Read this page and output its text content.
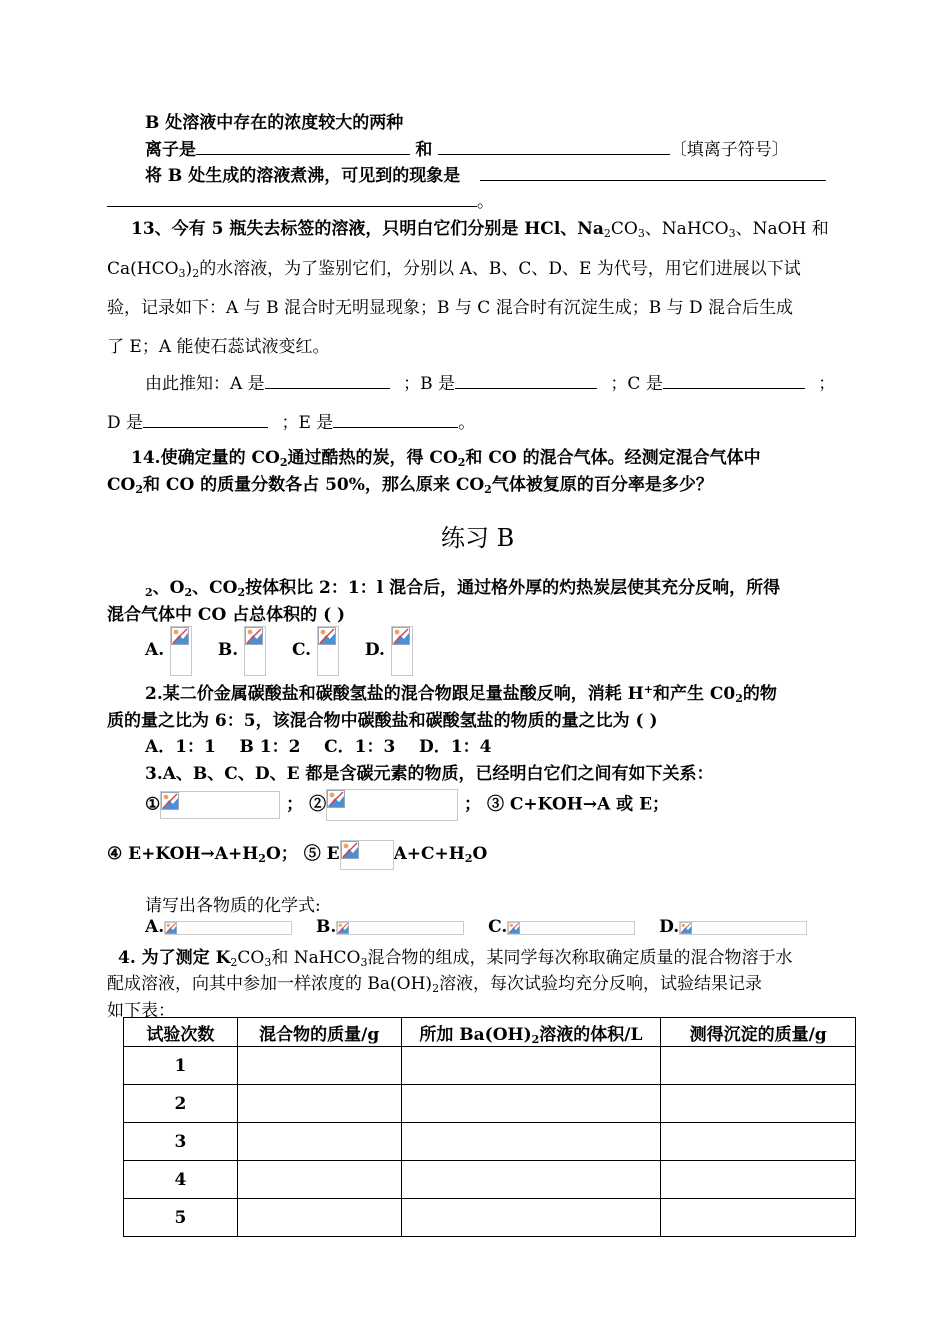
B 处溶液中存在的浓度较大的两种
离子是	和	〔填离子符号〕
将 B 处生成的溶液煮沸，可见到的现象是
。
13、今有 5 瓶失去标签的溶液，只明白它们分别是 HCl、$Na_2CO_3$、NaHCO$_3$、NaOH 和
$Ca(HCO_3)_2$的水溶液，为了鉴别它们，分别以 A、B、C、D、E 为代号，用它们进展以下试
验，记录如下：A 与 B 混合时无明显现象；B 与 C 混合时有沉淀生成；B 与 D 混合后生成
了 E；A 能使石蕊试液变红。
由此推知：A 是	；B 是	；C 是	；
D 是	；E 是	。
14.使确定量的 $CO_2$通过酷热的炭，得 $CO_2$和 CO 的混合气体。经测定混合气体中
$CO_2$和 CO 的质量分数各占 50%，那么原来 $CO_2$气体被复原的百分率是多少？
练习 B
$_2$、$O_2$、$CO_2$按体积比 2：1：l 混合后，通过格外厚的灼热炭层使其充分反响，所得
混合气体中 CO 占总体积的 ( )
A.	B.	C.	D.
2.某二价金属碳酸盐和碳酸氢盐的混合物跟足量盐酸反响，消耗 H+和产生 $C0_2$的物
质的量之比为 6：5，该混合物中碳酸盐和碳酸氢盐的物质的量之比为 ( )
A．1：1    B 1：2    C．1：3    D．1：4
3.A、B、C、D、E 都是含碳元素的物质，已经明白它们之间有如下关系：
①	； ②	； ③ C+KOH→A 或 E；
④ $E+KOH\to A+H_2O$； ⑤ E	$A+C+H_2O$
请写出各物质的化学式:
A.	B.	C.	D.
4. 为了测定 $K_2CO_3$和 NaHCO$_3$混合物的组成，某同学每次称取确定质量的混合物溶于水
配成溶液，向其中参加一样浓度的 $Ba(OH)_2$溶液，每次试验均充分反响，试验结果记录
如下表：
试验次数	混合物的质量/g	所加 $Ba(OH)_2$溶液的体积/L	测得沉淀的质量/g
1			
2			
3			
4			
5			
